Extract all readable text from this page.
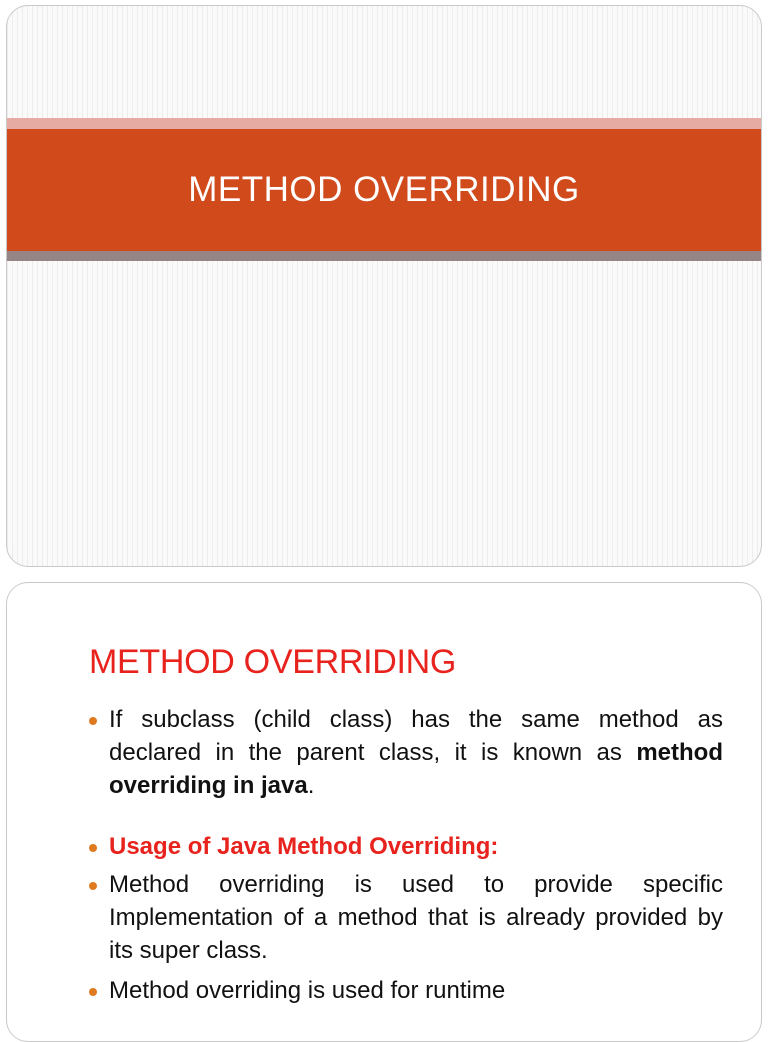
METHOD OVERRIDING
METHOD OVERRIDING
If subclass (child class) has the same method as declared in the parent class, it is known as method overriding in java.
Usage of Java Method Overriding:
Method overriding is used to provide specific Implementation of a method that is already provided by its super class.
Method overriding is used for runtime
